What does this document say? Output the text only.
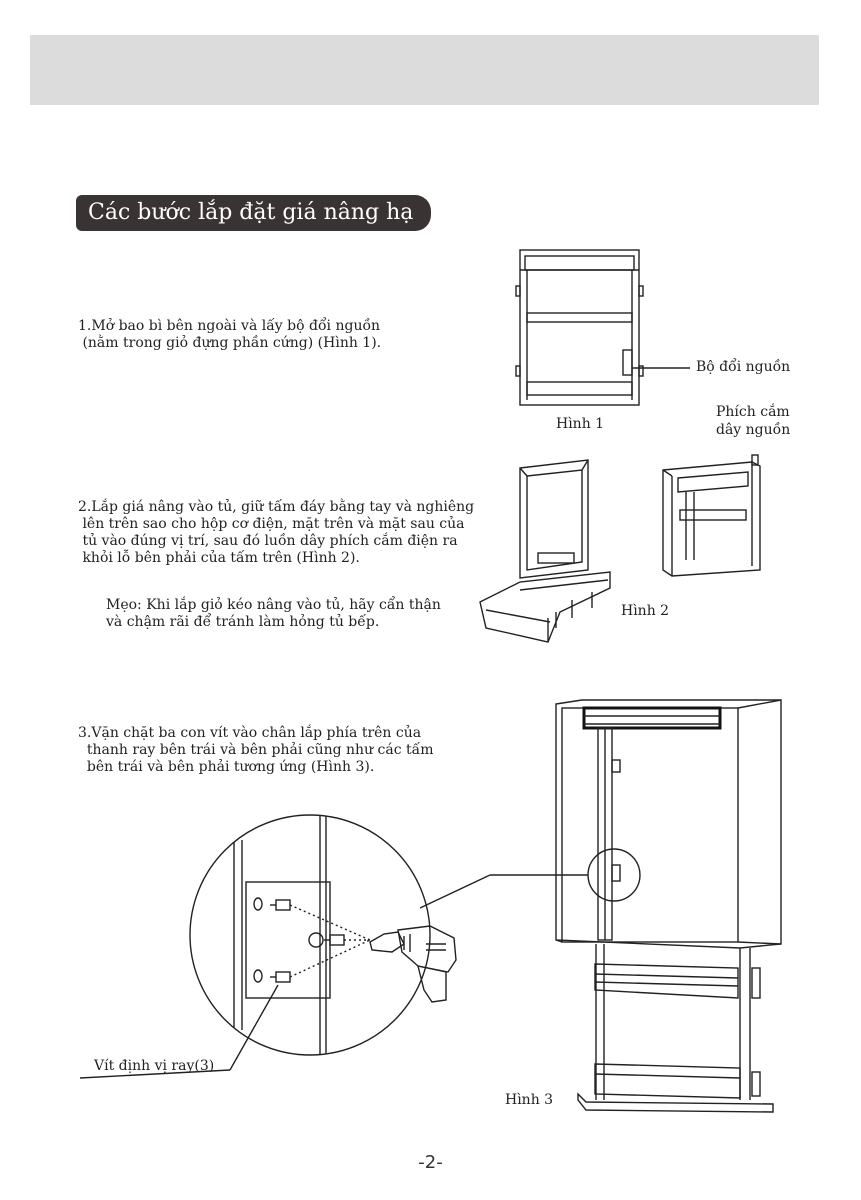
Các bước lắp đặt giá nâng hạ
1.Mở bao bì bên ngoài và lấy bộ đổi nguồn
(nằm trong giỏ đựng phần cứng) (Hình 1).
2.Lắp giá nâng vào tủ, giữ tấm đáy bằng tay và nghiêng
lên trên sao cho hộp cơ điện, mặt trên và mặt sau của
tủ vào đúng vị trí, sau đó luồn dây phích cắm điện ra
khỏi lỗ bên phải của tấm trên (Hình 2).
Mẹo: Khi lắp giỏ kéo nâng vào tủ, hãy cẩn thận
và chậm rãi để tránh làm hỏng tủ bếp.
3.Vặn chặt ba con vít vào chân lắp phía trên của
thanh ray bên trái và bên phải cũng như các tấm
bên trái và bên phải tương ứng (Hình 3).
Bộ đổi nguồn
Hình 1
Phích cắm
dây nguồn
Hình 2
Vít định vị ray(3)
Hình 3
-2-
